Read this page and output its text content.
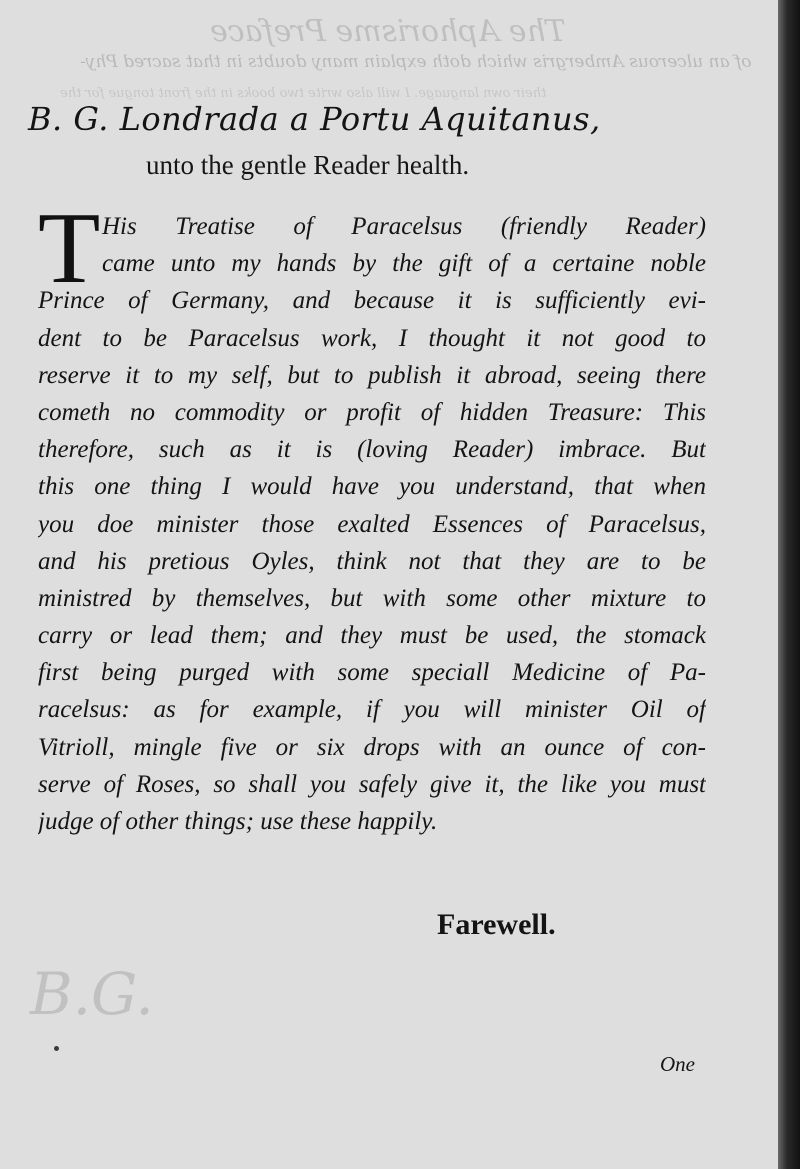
The Aphorisme Preface
of an ulcerous Ambergris which doth explain many doubts in that sacred Phy-
their own language. I will also write two books in the front tongue for the
B. G. Londrada a Portu Aquitanus,
unto the gentle Reader health.
T His Treatise of Paracelsus (friendly Reader)
came unto my hands by the gift of a certaine noble
Prince of Germany, and because it is sufficiently evi-
dent to be Paracelsus work, I thought it not good to
reserve it to my self, but to publish it abroad, seeing there
cometh no commodity or profit of hidden Treasure: This
therefore, such as it is (loving Reader) imbrace. But
this one thing I would have you understand, that when
you doe minister those exalted Essences of Paracelsus,
and his pretious Oyles, think not that they are to be
ministred by themselves, but with some other mixture to
carry or lead them; and they must be used, the stomack
first being purged with some speciall Medicine of Pa-
racelsus: as for example, if you will minister Oil of
Vitrioll, mingle five or six drops with an ounce of con-
serve of Roses, so shall you safely give it, the like you must
judge of other things; use these happily.
Farewell.
B.G.
One
